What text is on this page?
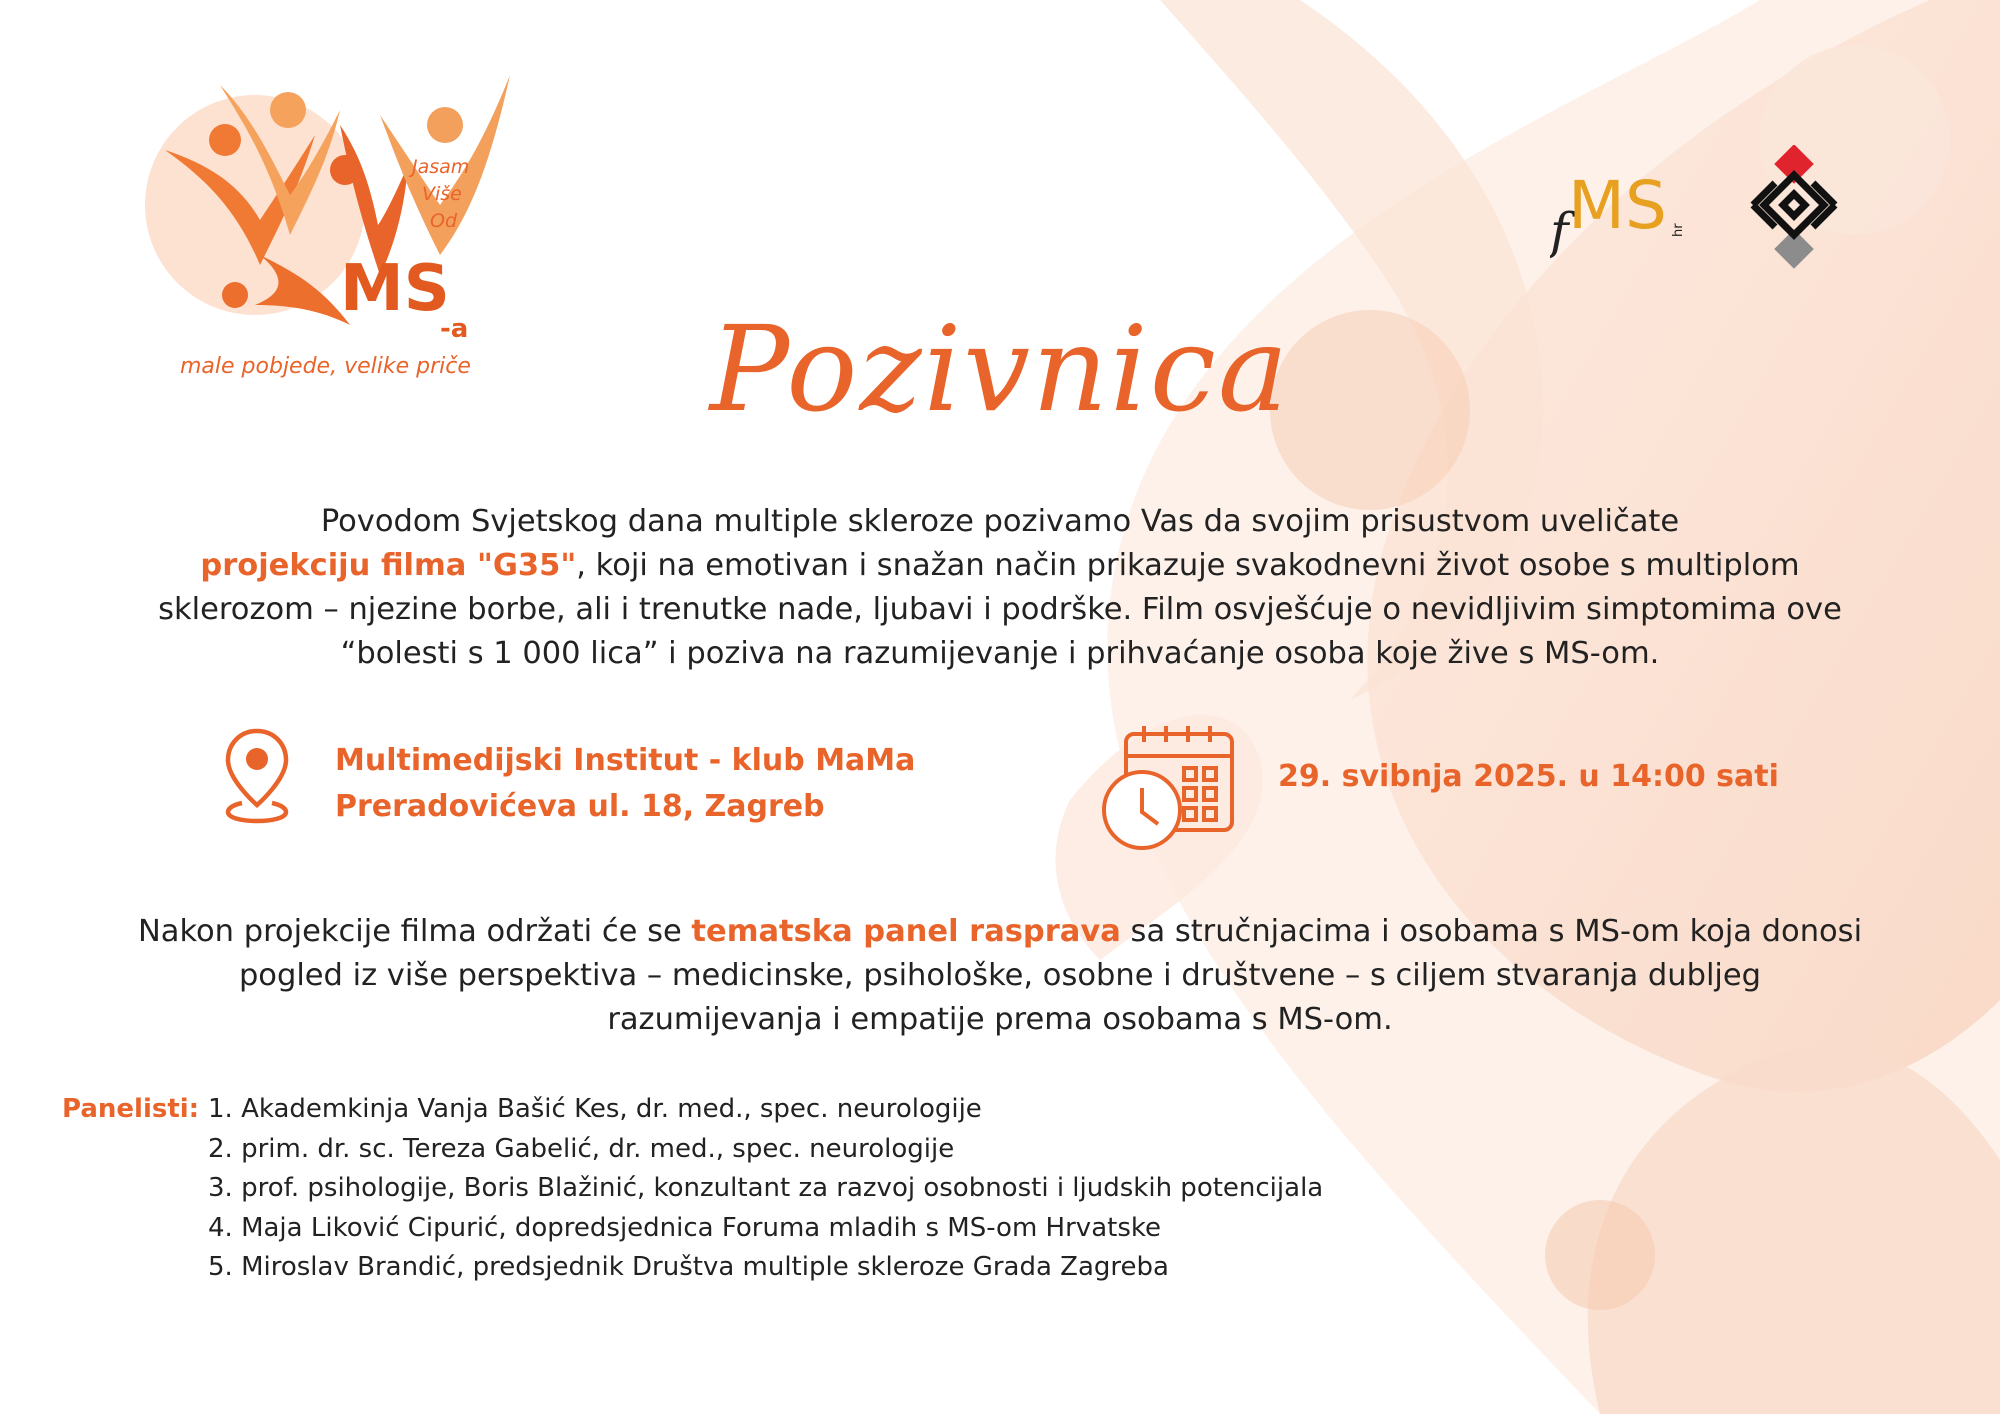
Jasam
Više
Od
MS
-a
male pobjede, velike priče
f MS hr
Pozivnica
Povodom Svjetskog dana multiple skleroze pozivamo Vas da svojim prisustvom uveličate
projekciju filma "G35", koji na emotivan i snažan način prikazuje svakodnevni život osobe s multiplom sklerozom – njezine borbe, ali i trenutke nade, ljubavi i podrške. Film osvješćuje o nevidljivim simptomima ove “bolesti s 1 000 lica” i poziva na razumijevanje i prihvaćanje osoba koje žive s MS-om.
Multimedijski Institut - klub MaMa
Preradovićeva ul. 18, Zagreb
29. svibnja 2025. u 14:00 sati
Nakon projekcije filma održati će se tematska panel rasprava sa stručnjacima i osobama s MS-om koja donosi pogled iz više perspektiva – medicinske, psihološke, osobne i društvene – s ciljem stvaranja dubljeg razumijevanja i empatije prema osobama s MS-om.
Panelisti: 1. Akademkinja Vanja Bašić Kes, dr. med., spec. neurologije
2. prim. dr. sc. Tereza Gabelić, dr. med., spec. neurologije
3. prof. psihologije, Boris Blažinić, konzultant za razvoj osobnosti i ljudskih potencijala
4. Maja Liković Cipurić, dopredsjednica Foruma mladih s MS-om Hrvatske
5. Miroslav Brandić, predsjednik Društva multiple skleroze Grada Zagreba
